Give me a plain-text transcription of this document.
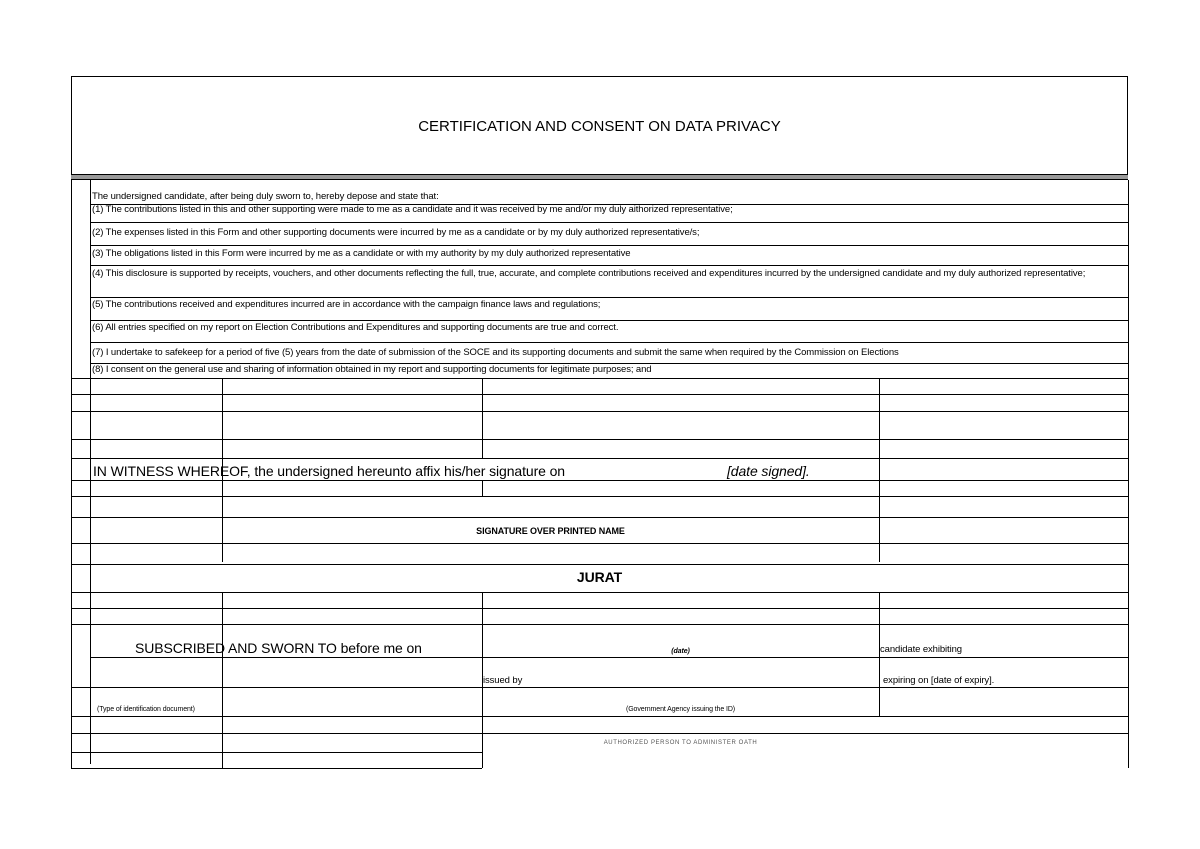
CERTIFICATION AND CONSENT ON DATA PRIVACY
The undersigned candidate, after being duly sworn to, hereby depose and state that:
(1) The contributions listed in this and other supporting were made to me as a candidate and it was received by me and/or my duly aithorized representative;
(2) The expenses listed in this Form and other supporting documents were incurred by me as a candidate or by my duly authorized representative/s;
(3) The obligations listed in this Form were incurred by me as a candidate or with my authority by my duly authorized representative
(4) This disclosure is supported by receipts, vouchers, and other documents reflecting the full, true, accurate, and complete contributions received and expenditures incurred by the undersigned candidate and my duly authorized representative;
(5) The contributions received and expenditures incurred are in accordance with the campaign finance laws and regulations;
(6) All entries specified on my report on Election Contributions and Expenditures and supporting documents are true and correct.
(7) I undertake to safekeep for a period of five (5) years from the date of submission of the SOCE and its supporting documents and submit the same when required by the Commission on Elections
(8) I consent on the general use and sharing of information obtained in my report and supporting documents for legitimate purposes; and
IN WITNESS WHEREOF, the undersigned hereunto affix his/her signature on	[date signed].
SIGNATURE OVER PRINTED NAME
JURAT
SUBSCRIBED AND SWORN TO before me on	(date)	candidate exhibiting
issued by	expiring on [date of expiry].
(Type of identification document)	(Government Agency issuing the ID)
AUTHORIZED PERSON TO ADMINISTER OATH
